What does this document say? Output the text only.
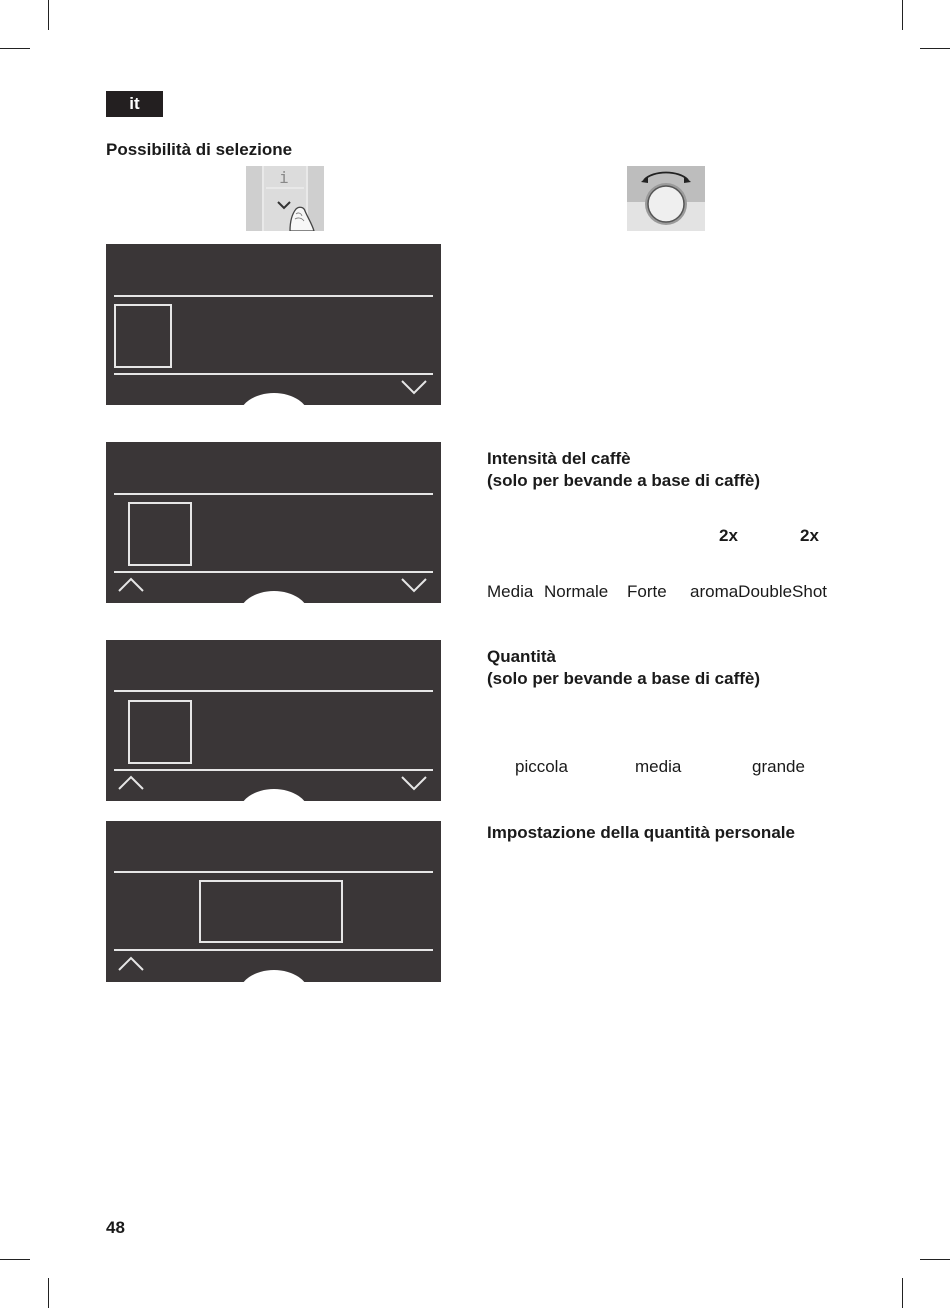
it
Possibilità di selezione
i
Intensità del caffè
(solo per bevande a base di caffè)
2x	2x
Media Normale Forte aromaDoubleShot
Quantità
(solo per bevande a base di caffè)
piccola	media	grande
Impostazione della quantità personale
48
